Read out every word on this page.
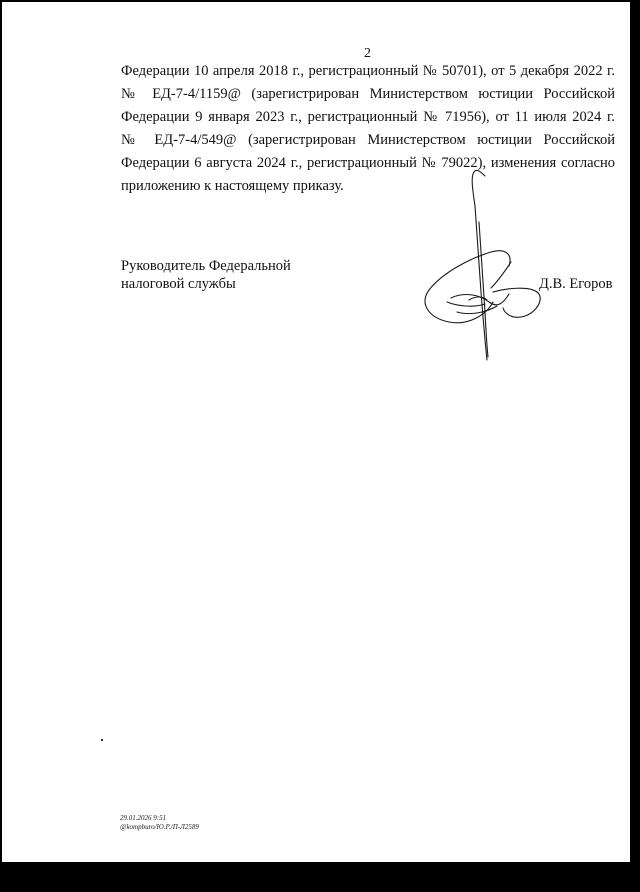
2
Федерации 10 апреля 2018 г., регистрационный № 50701), от 5 декабря 2022 г.
№ ЕД-7-4/1159@ (зарегистрирован Министерством юстиции Российской
Федерации 9 января 2023 г., регистрационный № 71956), от 11 июля 2024 г.
№ ЕД-7-4/549@ (зарегистрирован Министерством юстиции Российской
Федерации 6 августа 2024 г., регистрационный № 79022), изменения согласно
приложению к настоящему приказу.
Руководитель Федеральной
налоговой службы	Д.В. Егоров
29.01.2026 9:51
@kompburo/Ю.Р./П-Л2589
